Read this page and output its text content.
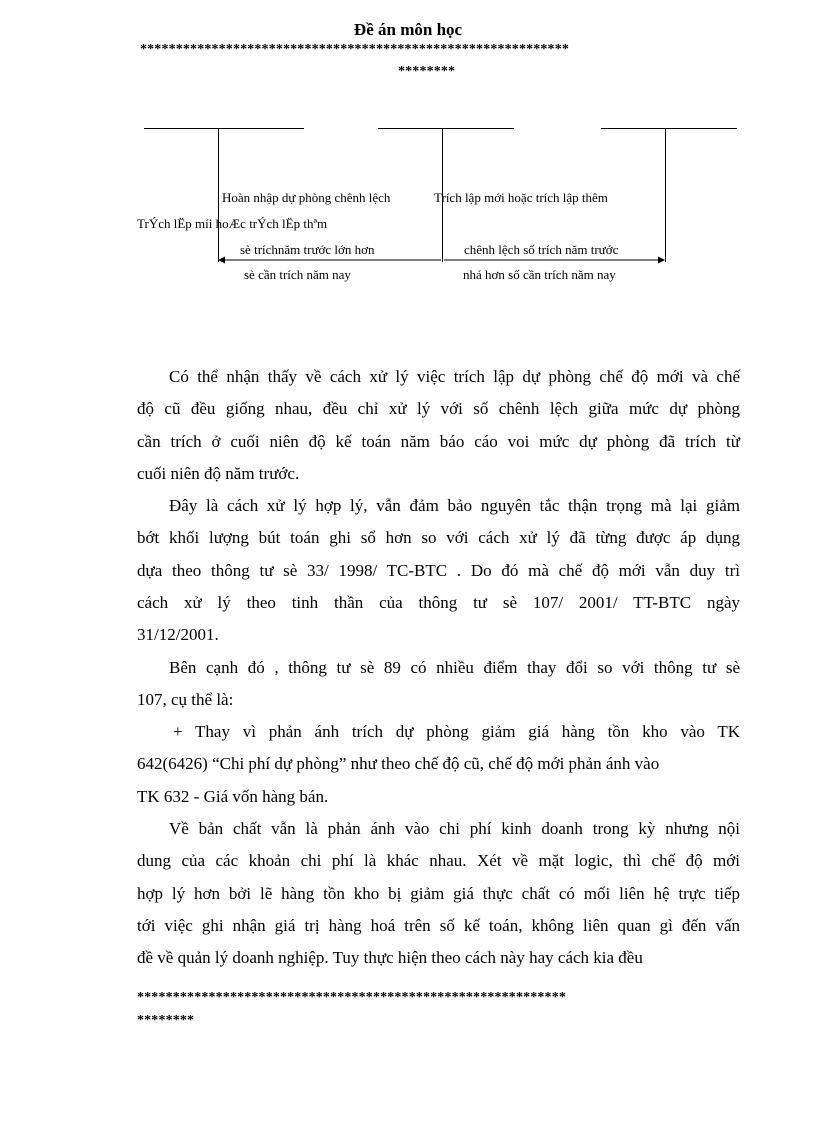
Đề án môn học
************************************************************
********
Hoàn nhập dự phòng chênh lệch	Trích lập mới hoặc trích lập thêm
TrÝch lËp míi hoÆc trÝch lËp thªm
sè tríchnăm trước lớn hơn	chênh lệch số trích năm trước
sè cần trích năm nay	nhá hơn số cần trích năm nay
Có thể nhận thấy về cách xử lý việc trích lập dự phòng chế độ mới và chế
độ cũ đều giống nhau, đều chỉ xử lý với số chênh lệch giữa mức dự phòng
cần trích ở cuối niên độ kế toán năm báo cáo voi mức dự phòng đã trích từ
cuối niên độ năm trước.
Đây là cách xử lý hợp lý, vẫn đảm bảo nguyên tắc thận trọng mà lại giảm
bớt khối lượng bút toán ghi sổ hơn so với cách xử lý đã từng được áp dụng
dựa theo thông tư sè 33/ 1998/ TC-BTC . Do đó mà chế độ mới vẫn duy trì
cách xử lý theo tinh thần của thông tư sè 107/ 2001/ TT-BTC ngày
31/12/2001.
Bên cạnh đó , thông tư sè 89 có nhiều điểm thay đổi so với thông tư sè
107, cụ thể là:
+ Thay vì phản ánh trích dự phòng giảm giá hàng tồn kho vào TK
642(6426) “Chi phí dự phòng” như theo chế độ cũ, chế độ mới phản ánh vào
TK 632 - Giá vốn hàng bán.
Về bản chất vẫn là phản ánh vào chi phí kinh doanh trong kỳ nhưng nội
dung của các khoản chi phí là khác nhau. Xét về mặt logic, thì chế độ mới
hợp lý hơn bởi lẽ hàng tồn kho bị giảm giá thực chất có mối liên hệ trực tiếp
tới việc ghi nhận giá trị hàng hoá trên số kế toán, không liên quan gì đến vấn
đề về quản lý doanh nghiệp. Tuy thực hiện theo cách này hay cách kia đều
************************************************************
********
